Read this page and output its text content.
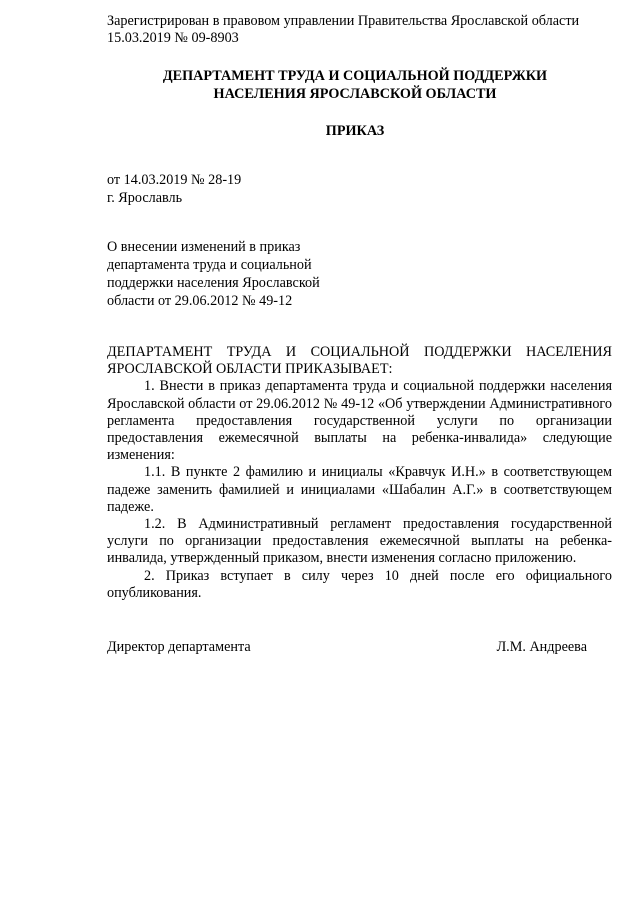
Зарегистрирован в правовом управлении Правительства Ярославской области
15.03.2019 № 09-8903
ДЕПАРТАМЕНТ ТРУДА И СОЦИАЛЬНОЙ ПОДДЕРЖКИ
НАСЕЛЕНИЯ ЯРОСЛАВСКОЙ ОБЛАСТИ
ПРИКАЗ
от 14.03.2019 № 28-19
г. Ярославль
О внесении изменений в приказ
департамента труда и социальной
поддержки населения Ярославской
области от 29.06.2012 № 49-12

ДЕПАРТАМЕНТ ТРУДА И СОЦИАЛЬНОЙ ПОДДЕРЖКИ НАСЕЛЕНИЯ ЯРОСЛАВСКОЙ ОБЛАСТИ ПРИКАЗЫВАЕТ:

1. Внести в приказ департамента труда и социальной поддержки населения Ярославской области от 29.06.2012 № 49-12 «Об утверждении Административного регламента предоставления государственной услуги по организации предоставления ежемесячной выплаты на ребенка-инвалида» следующие изменения:

1.1. В пункте 2 фамилию и инициалы «Кравчук И.Н.» в соответствующем падеже заменить фамилией и инициалами «Шабалин А.Г.» в соответствующем падеже.

1.2. В Административный регламент предоставления государственной услуги по организации предоставления ежемесячной выплаты на ребенка-инвалида, утвержденный приказом, внести изменения согласно приложению.

2. Приказ вступает в силу через 10 дней после его официального опубликования.

Директор департамента	Л.М. Андреева
